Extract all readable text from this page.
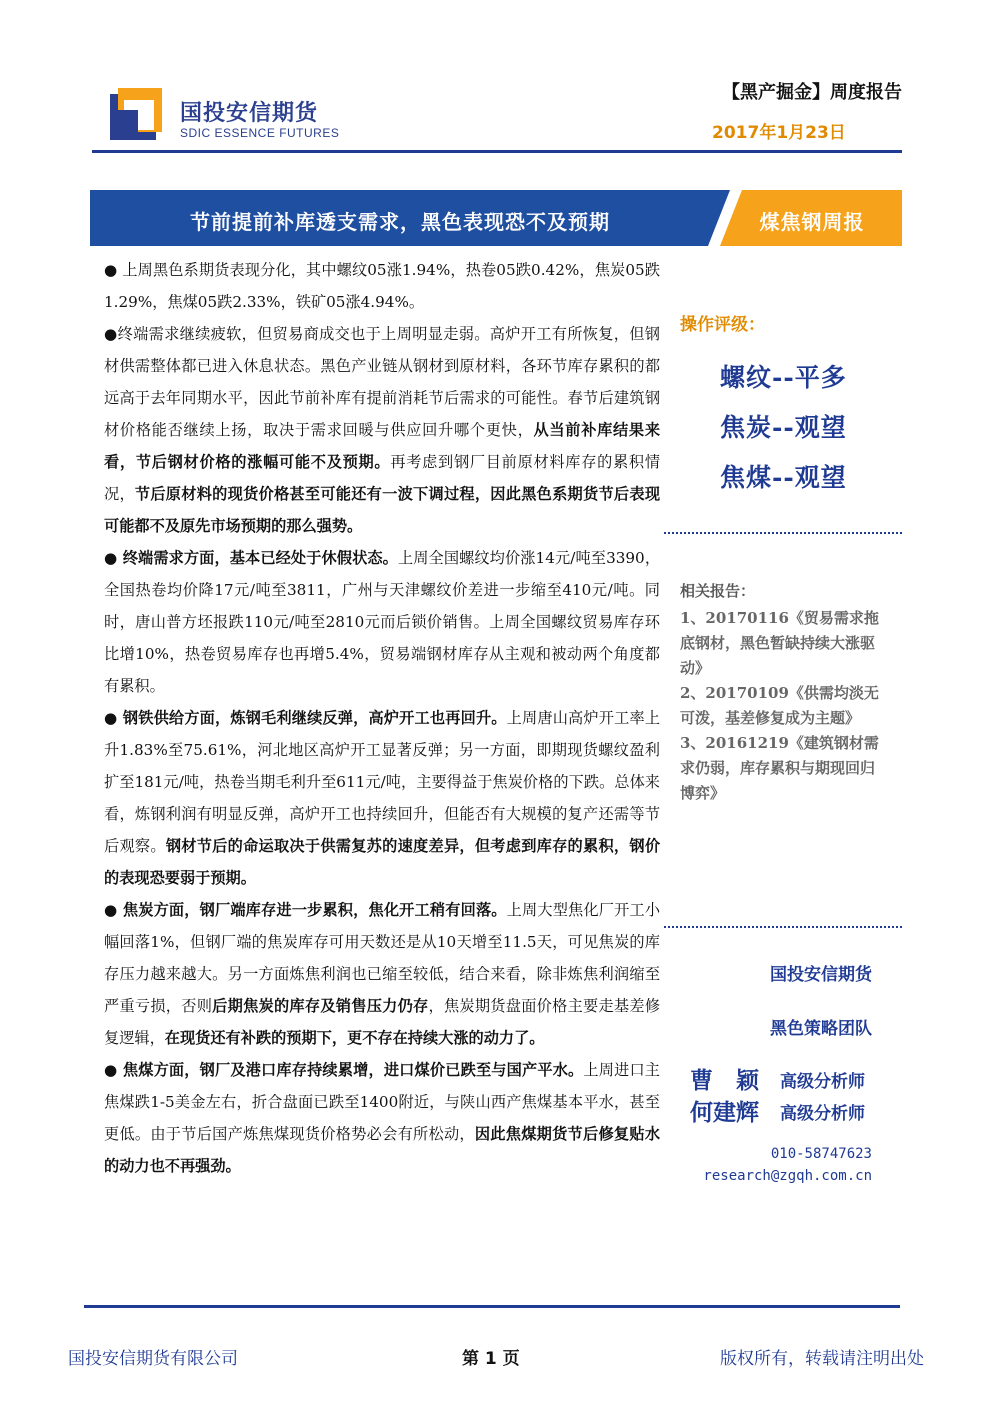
国投安信期货
SDIC ESSENCE FUTURES
【黑产掘金】周度报告
2017年1月23日
节前提前补库透支需求，黑色表现恐不及预期	煤焦钢周报

● 上周黑色系期货表现分化，其中螺纹05涨1.94%，热卷05跌0.42%，焦炭05跌1.29%，焦煤05跌2.33%，铁矿05涨4.94%。

●终端需求继续疲软，但贸易商成交也于上周明显走弱。高炉开工有所恢复，但钢材供需整体都已进入休息状态。黑色产业链从钢材到原材料，各环节库存累积的都远高于去年同期水平，因此节前补库有提前消耗节后需求的可能性。春节后建筑钢材价格能否继续上扬，取决于需求回暖与供应回升哪个更快，从当前补库结果来看，节后钢材价格的涨幅可能不及预期。再考虑到钢厂目前原材料库存的累积情况，节后原材料的现货价格甚至可能还有一波下调过程，因此黑色系期货节后表现可能都不及原先市场预期的那么强势。

● 终端需求方面，基本已经处于休假状态。上周全国螺纹均价涨14元/吨至3390，全国热卷均价降17元/吨至3811，广州与天津螺纹价差进一步缩至410元/吨。同时，唐山普方坯报跌110元/吨至2810元而后锁价销售。上周全国螺纹贸易库存环比增10%，热卷贸易库存也再增5.4%，贸易端钢材库存从主观和被动两个角度都有累积。

● 钢铁供给方面，炼钢毛利继续反弹，高炉开工也再回升。上周唐山高炉开工率上升1.83%至75.61%，河北地区高炉开工显著反弹；另一方面，即期现货螺纹盈利扩至181元/吨，热卷当期毛利升至611元/吨，主要得益于焦炭价格的下跌。总体来看，炼钢利润有明显反弹，高炉开工也持续回升，但能否有大规模的复产还需等节后观察。钢材节后的命运取决于供需复苏的速度差异，但考虑到库存的累积，钢价的表现恐要弱于预期。

● 焦炭方面，钢厂端库存进一步累积，焦化开工稍有回落。上周大型焦化厂开工小幅回落1%，但钢厂端的焦炭库存可用天数还是从10天增至11.5天，可见焦炭的库存压力越来越大。另一方面炼焦利润也已缩至较低，结合来看，除非炼焦利润缩至严重亏损，否则后期焦炭的库存及销售压力仍存，焦炭期货盘面价格主要走基差修复逻辑，在现货还有补跌的预期下，更不存在持续大涨的动力了。

● 焦煤方面，钢厂及港口库存持续累增，进口煤价已跌至与国产平水。上周进口主焦煤跌1-5美金左右，折合盘面已跌至1400附近，与陕山西产焦煤基本平水，甚至更低。由于节后国产炼焦煤现货价格势必会有所松动，因此焦煤期货节后修复贴水的动力也不再强劲。

操作评级：
螺纹--平多
焦炭--观望
焦煤--观望
相关报告：
1、20170116《贸易需求拖底钢材，黑色暂缺持续大涨驱动》
2、20170109《供需均淡无可泼，基差修复成为主题》
3、20161219《建筑钢材需求仍弱，库存累积与期现回归博弈》
国投安信期货
黑色策略团队
曹　颖 高级分析师
何建辉 高级分析师
010-58747623
research@zgqh.com.cn
国投安信期货有限公司	第 1 页	版权所有，转载请注明出处
